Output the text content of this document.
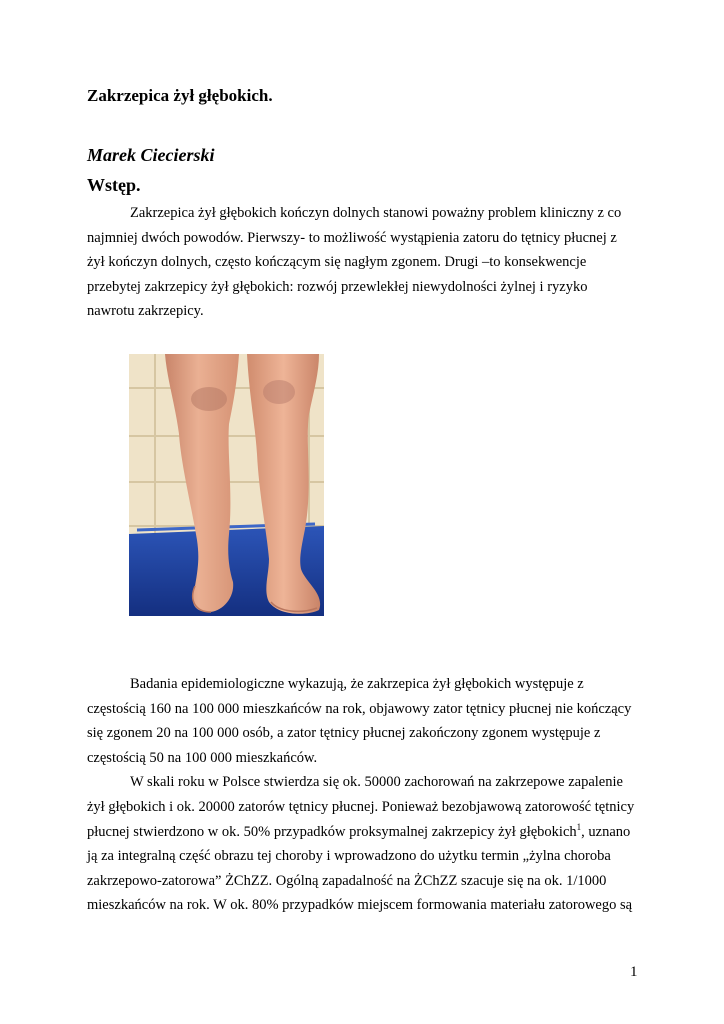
Zakrzepica żył głębokich.
Marek Ciecierski
Wstęp.

Zakrzepica żył głębokich kończyn dolnych stanowi poważny problem kliniczny z co
najmniej dwóch powodów. Pierwszy- to możliwość wystąpienia zatoru do tętnicy płucnej z
żył kończyn dolnych, często kończącym się nagłym zgonem. Drugi –to konsekwencje
przebytej zakrzepicy żył głębokich: rozwój przewlekłej niewydolności żylnej i ryzyko
nawrotu zakrzepicy.

Badania epidemiologiczne wykazują, że zakrzepica żył głębokich występuje z
częstością 160 na 100 000 mieszkańców na rok, objawowy zator tętnicy płucnej nie kończący
się zgonem 20 na 100 000 osób, a zator tętnicy płucnej zakończony zgonem występuje z
częstością 50 na 100 000 mieszkańców.
W skali roku w Polsce stwierdza się ok. 50000 zachorowań na zakrzepowe zapalenie
żył głębokich i ok. 20000 zatorów tętnicy płucnej. Ponieważ bezobjawową zatorowość tętnicy
płucnej stwierdzono w ok. 50% przypadków proksymalnej zakrzepicy żył głębokich$^1$, uznano
ją za integralną część obrazu tej choroby i wprowadzono do użytku termin „żylna choroba
zakrzepowo-zatorowa” ŻChZZ. Ogólną zapadalność na ŻChZZ szacuje się na ok. 1/1000
mieszkańców na rok. W ok. 80% przypadków miejscem formowania materiału zatorowego są

1
